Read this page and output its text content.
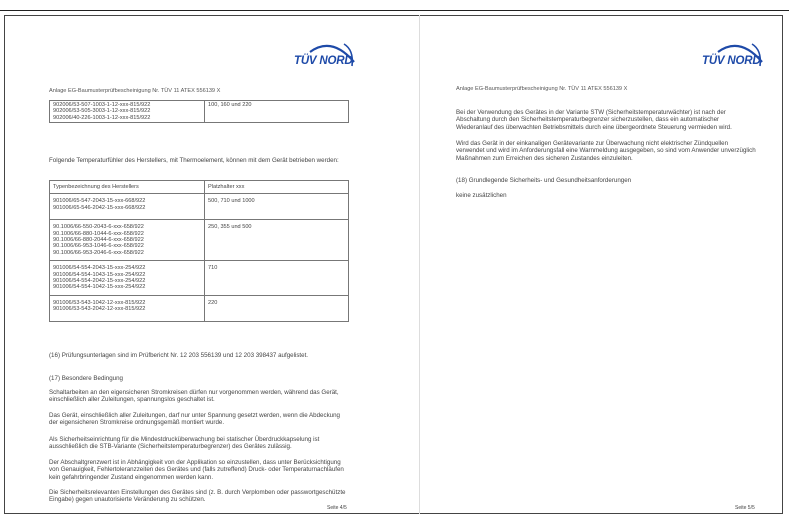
TÜV NORD
Anlage EG-Baumusterprüfbescheinigung Nr. TÜV 11 ATEX 556139 X
902006/53-507-1003-1-12-xxx-815/922
902006/53-505-3003-1-12-xxx-815/922
902006/40-226-1003-1-12-xxx-815/922
	100, 160 und 220
Folgende Temperaturfühler des Herstellers, mit Thermoelement, können mit dem Gerät betrieben werden:
Typenbezeichnung des Herstellers	Platzhalter xxx

901006/65-547-2043-15-xxx-668/922
901006/65-546-2042-15-xxx-668/922	500, 710 und 1000

90.1006/66-550-2043-6-xxx-658/922
90.1006/66-880-1044-6-xxx-658/922
90.1006/66-880-2044-6-xxx-658/922
90.1006/66-953-1046-6-xxx-658/922
90.1006/66-953-2046-6-xxx-658/922	250, 355 und 500

901006/54-554-2043-15-xxx-254/922
901006/54-554-1043-15-xxx-254/922
901006/54-554-2042-15-xxx-254/922
901006/54-554-1042-15-xxx-254/922	710

901006/53-543-1042-12-xxx-815/922
901006/53-543-2042-12-xxx-815/922	220
(16) Prüfungsunterlagen sind im Prüfbericht Nr. 12 203 556139 und 12 203 398437 aufgelistet.
(17) Besondere Bedingung
Schaltarbeiten an den eigensicheren Stromkreisen dürfen nur vorgenommen werden, während das Gerät, einschließlich aller Zuleitungen, spannungslos geschaltet ist.
Das Gerät, einschließlich aller Zuleitungen, darf nur unter Spannung gesetzt werden, wenn die Abdeckung der eigensicheren Stromkreise ordnungsgemäß montiert wurde.
Als Sicherheitseinrichtung für die Mindestdrucküberwachung bei statischer Überdruckkapselung ist ausschließlich die STB-Variante (Sicherheitstemperaturbegrenzer) des Gerätes zulässig.
Der Abschaltgrenzwert ist in Abhängigkeit von der Applikation so einzustellen, dass unter Berücksichtigung von Genauigkeit, Fehlertoleranzzeiten des Gerätes und (falls zutreffend) Druck- oder Temperaturnachläufen kein gefahrbringender Zustand eingenommen werden kann.
Die Sicherheitsrelevanten Einstellungen des Gerätes sind (z. B. durch Verplomben oder passwortgeschützte Eingabe) gegen unautorisierte Veränderung zu schützen.
Seite 4/5
TÜV NORD
Anlage EG-Baumusterprüfbescheinigung Nr. TÜV 11 ATEX 556139 X
Bei der Verwendung des Gerätes in der Variante STW (Sicherheitstemperaturwächter) ist nach der Abschaltung durch den Sicherheitstemperaturbegrenzer sicherzustellen, dass ein automatischer Wiederanlauf des überwachten Betriebsmittels durch eine übergeordnete Steuerung vermieden wird.
Wird das Gerät in der einkanaligen Gerätevariante zur Überwachung nicht elektrischer Zündquellen verwendet und wird im Anforderungsfall eine Warnmeldung ausgegeben, so sind vom Anwender unverzüglich Maßnahmen zum Erreichen des sicheren Zustandes einzuleiten.
(18) Grundlegende Sicherheits- und Gesundheitsanforderungen
keine zusätzlichen
Seite 5/5
